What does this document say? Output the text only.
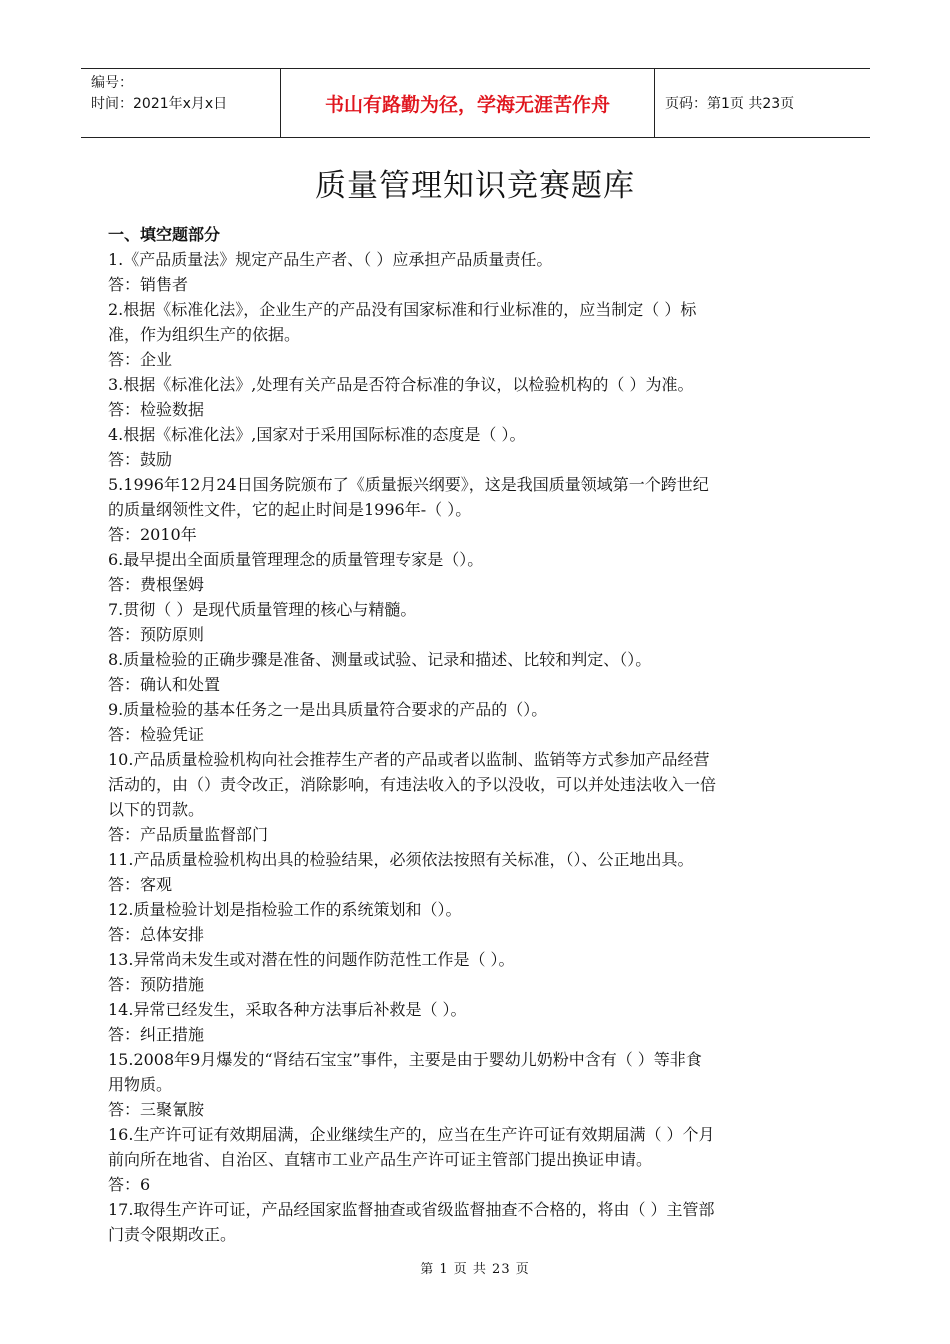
编号：
时间：2021年x月x日	书山有路勤为径，学海无涯苦作舟	页码：第1页 共23页
质量管理知识竞赛题库
一、填空题部分
1.《产品质量法》规定产品生产者、（ ）应承担产品质量责任。
答：销售者
2.根据《标准化法》，企业生产的产品没有国家标准和行业标准的，应当制定（ ）标
准，作为组织生产的依据。
答：企业
3.根据《标准化法》,处理有关产品是否符合标准的争议，以检验机构的（ ）为准。
答：检验数据
4.根据《标准化法》,国家对于采用国际标准的态度是（ ）。
答：鼓励
5.1996年12月24日国务院颁布了《质量振兴纲要》，这是我国质量领域第一个跨世纪
的质量纲领性文件，它的起止时间是1996年-（ ）。
答：2010年
6.最早提出全面质量管理理念的质量管理专家是（）。
答：费根堡姆
7.贯彻（ ）是现代质量管理的核心与精髓。
答：预防原则
8.质量检验的正确步骤是准备、测量或试验、记录和描述、比较和判定、（）。
答：确认和处置
9.质量检验的基本任务之一是出具质量符合要求的产品的（）。
答：检验凭证
10.产品质量检验机构向社会推荐生产者的产品或者以监制、监销等方式参加产品经营
活动的，由（）责令改正，消除影响，有违法收入的予以没收，可以并处违法收入一倍
以下的罚款。
答：产品质量监督部门
11.产品质量检验机构出具的检验结果，必须依法按照有关标准，（）、公正地出具。
答：客观
12.质量检验计划是指检验工作的系统策划和（）。
答：总体安排
13.异常尚未发生或对潜在性的问题作防范性工作是（ ）。
答：预防措施
14.异常已经发生，采取各种方法事后补救是（ ）。
答：纠正措施
15.2008年9月爆发的“肾结石宝宝”事件，主要是由于婴幼儿奶粉中含有（ ）等非食
用物质。
答：三聚氰胺
16.生产许可证有效期届满，企业继续生产的，应当在生产许可证有效期届满（ ）个月
前向所在地省、自治区、直辖市工业产品生产许可证主管部门提出换证申请。
答：6
17.取得生产许可证，产品经国家监督抽查或省级监督抽查不合格的，将由（ ）主管部
门责令限期改正。
第 1 页 共 23 页
